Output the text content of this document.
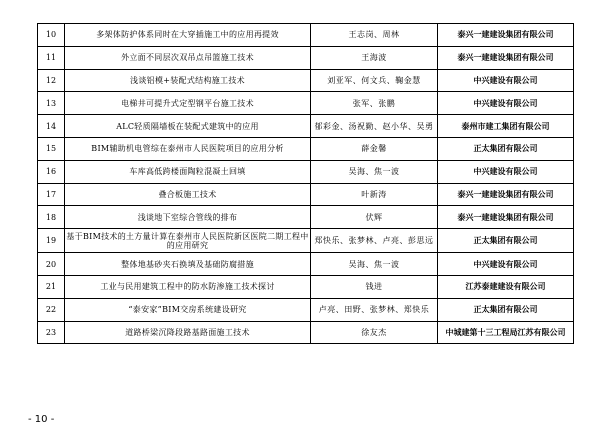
10	多架体防护体系同时在大穿插施工中的应用再提效	王志岗、周林	泰兴一建建设集团有限公司
11	外立面不同层次双吊点吊篮施工技术	王海波	泰兴一建建设集团有限公司
12	浅谈铝模+装配式结构施工技术	刘亚军、何文兵、鞠金慧	中兴建设有限公司
13	电梯井可提升式定型钢平台施工技术	张军、张鹏	中兴建设有限公司
14	ALC轻质隔墙板在装配式建筑中的应用	郁彩金、汤祝勤、赵小华、吴勇	泰州市建工集团有限公司
15	BIM辅助机电管综在泰州市人民医院项目的应用分析	薛金馨	正太集团有限公司
16	车库高低跨楼面陶粒混凝土回填	吴海、焦一波	中兴建设有限公司
17	叠合板施工技术	叶新涛	泰兴一建建设集团有限公司
18	浅谈地下室综合管线的排布	伏辉	泰兴一建建设集团有限公司
19	基于BIM技术的土方量计算在泰州市人民医院新区医院二期工程中的应用研究	郑快乐、张梦林、卢亮、彭思远	正太集团有限公司
20	整体地基砂夹石换填及基础防腐措施	吴海、焦一波	中兴建设有限公司
21	工业与民用建筑工程中的防水防渗施工技术探讨	钱进	江苏泰建建设有限公司
22	“泰安家”BIM交房系统建设研究	卢亮、田野、张梦林、郑快乐	正太集团有限公司
23	道路桥梁沉降段路基路面施工技术	徐友杰	中城建第十三工程局江苏有限公司
- 10 -
